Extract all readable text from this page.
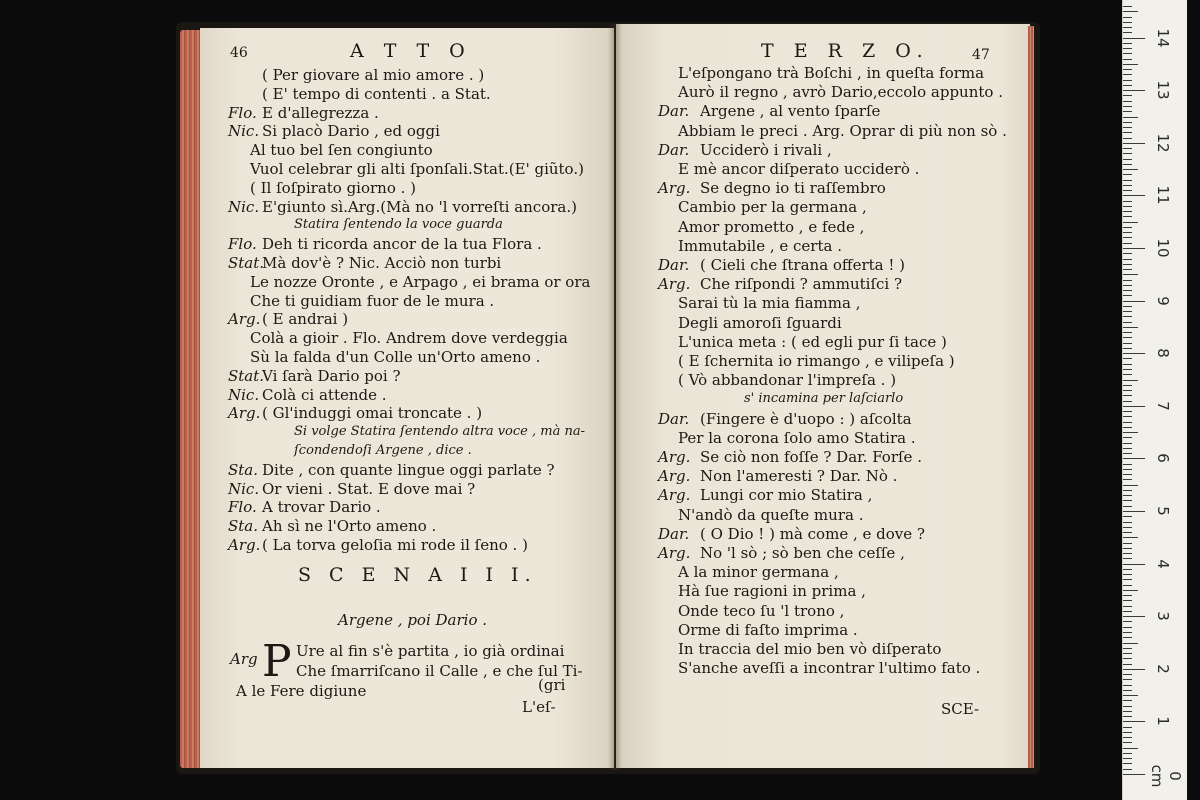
46	A T T O
( Per giovare al mio amore . )
( E' tempo di contenti . a Stat.
Flo. E d'allegrezza .
Nic. Si placò Dario , ed oggi
Al tuo bel ſen congiunto
Vuol celebrar gli alti ſponſali.Stat.(E' giũto.)
( Il ſoſpirato giorno . )
Nic. E'giunto sì.Arg.(Mà no 'l vorreſti ancora.)
Statira ſentendo la voce guarda
Flo. Deh ti ricorda ancor de la tua Flora .
Stat.
Mà dov'è ? Nic. Acciò non turbi
Le nozze Oronte , e Arpago , ei brama or ora
Che ti guidiam fuor de le mura .
Arg. ( E andrai )
Colà a gioir . Flo. Andrem dove verdeggia
Sù la falda d'un Colle un'Orto ameno .
Stat.
Vi ſarà Dario poi ?
Nic. Colà ci attende .
Arg. ( Gl'induggi omai troncate . )
Si volge Statira ſentendo altra voce , mà na-
ſcondendoſi Argene , dice .
Sta. Dite , con quante lingue oggi parlate ?
Nic. Or vieni . Stat. E dove mai ?
Flo. A trovar Dario .
Sta. Ah sì ne l'Orto ameno .
Arg. ( La torva geloſia mi rode il ſeno . )
S C E N A I I I.
Argene , poi Dario .
Arg P Ure al fin s'è partita , io già ordinai
Che ſmarriſcano il Calle , e che ſul Ti-
A le Fere digiune	(gri
L'eſ-
T E R Z O.	47
L'eſpongano trà Boſchi , in queſta forma
Aurò il regno , avrò Dario,eccolo appunto .
Dar. Argene , al vento ſparſe
Abbiam le preci . Arg. Oprar di più non sò .
Dar. Ucciderò i rivali ,
E mè ancor diſperato ucciderò .
Arg. Se degno io ti raſſembro
Cambio per la germana ,
Amor prometto , e fede ,
Immutabile , e certa .
Dar. ( Cieli che ſtrana offerta ! )
Arg. Che riſpondi ? ammutiſci ?
Sarai tù la mia fiamma ,
Degli amoroſi ſguardi
L'unica meta : ( ed egli pur ſi tace )
( E ſchernita io rimango , e vilipeſa )
( Vò abbandonar l'impreſa . )
s' incamina per laſciarlo
Dar. (Fingere è d'uopo : ) aſcolta
Per la corona ſolo amo Statira .
Arg. Se ciò non foſſe ? Dar. Forſe .
Arg. Non l'ameresti ? Dar. Nò .
Arg. Lungi cor mio Statira ,
N'andò da queſte mura .
Dar. ( O Dio ! ) mà come , e dove ?
Arg. No 'l sò ; sò ben che ceſſe ,
A la minor germana ,
Hà ſue ragioni in prima ,
Onde teco ſu 'l trono ,
Orme di faſto imprima .
In traccia del mio ben vò diſperato
S'anche aveſſi a incontrar l'ultimo fato .
SCE-
0 cm
1
2
3
4
5
6
7
8
9
10
11
12
13
14
